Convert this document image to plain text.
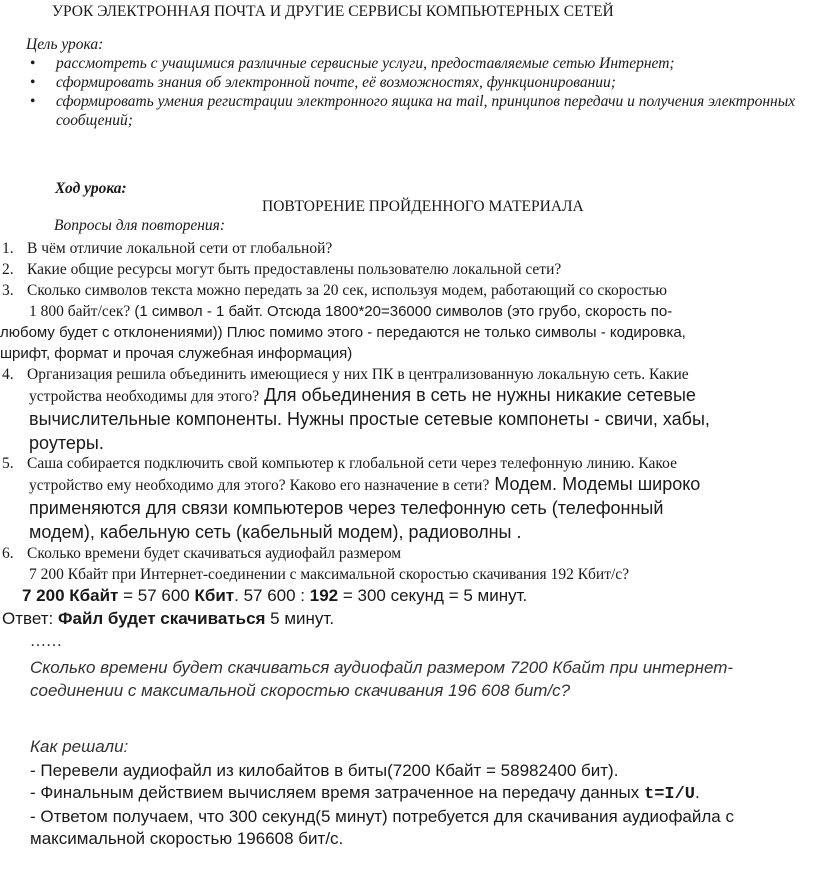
УРОК ЭЛЕКТРОННАЯ ПОЧТА И ДРУГИЕ СЕРВИСЫ КОМПЬЮТЕРНЫХ СЕТЕЙ
Цель урока:
• рассмотреть с учащимися различные сервисные услуги, предоставляемые сетью Интернет;
• сформировать знания об электронной почте, её возможностях, функционировании;
• сформировать умения регистрации электронного ящика на mail, принципов передачи и получения электронных сообщений;
Ход урока:
ПОВТОРЕНИЕ ПРОЙДЕННОГО МАТЕРИАЛА
Вопросы для повторения:
1. В чём отличие локальной сети от глобальной?
2. Какие общие ресурсы могут быть предоставлены пользователю локальной сети?
3. Сколько символов текста можно передать за 20 сек, используя модем, работающий со скоростью
1 800 байт/сек? (1 символ - 1 байт. Отсюда 1800*20=36000 символов (это грубо, скорость по-
любому будет с отклонениями)) Плюс помимо этого - передаются не только символы - кодировка,
шрифт, формат и прочая служебная информация)
4. Организация решила объединить имеющиеся у них ПК в централизованную локальную сеть. Какие
устройства необходимы для этого? Для обьединения в сеть не нужны никакие сетевые
вычислительные компоненты. Нужны простые сетевые компонеты - свичи, хабы,
роутеры.
5. Саша собирается подключить свой компьютер к глобальной сети через телефонную линию. Какое
устройство ему необходимо для этого? Каково его назначение в сети? Модем. Модемы широко
применяются для связи компьютеров через телефонную сеть (телефонный
модем), кабельную сеть (кабельный модем), радиоволны .
6. Сколько времени будет скачиваться аудиофайл размером
7 200 Кбайт при Интернет-соединении с максимальной скоростью скачивания 192 Кбит/с?
7 200 Кбайт = 57 600 Кбит. 57 600 : 192 = 300 секунд = 5 минут.
Ответ: Файл будет скачиваться 5 минут.
……
Сколько времени будет скачиваться аудиофайл размером 7200 Кбайт при интернет-соединении с максимальной скоростью скачивания 196 608 бит/с?
Как решали:
- Перевели аудиофайл из килобайтов в биты(7200 Кбайт = 58982400 бит).
- Финальным действием вычисляем время затраченное на передачу данных t=I/U.
- Ответом получаем, что 300 секунд(5 минут) потребуется для скачивания аудиофайла с максимальной скоростью 196608 бит/с.
